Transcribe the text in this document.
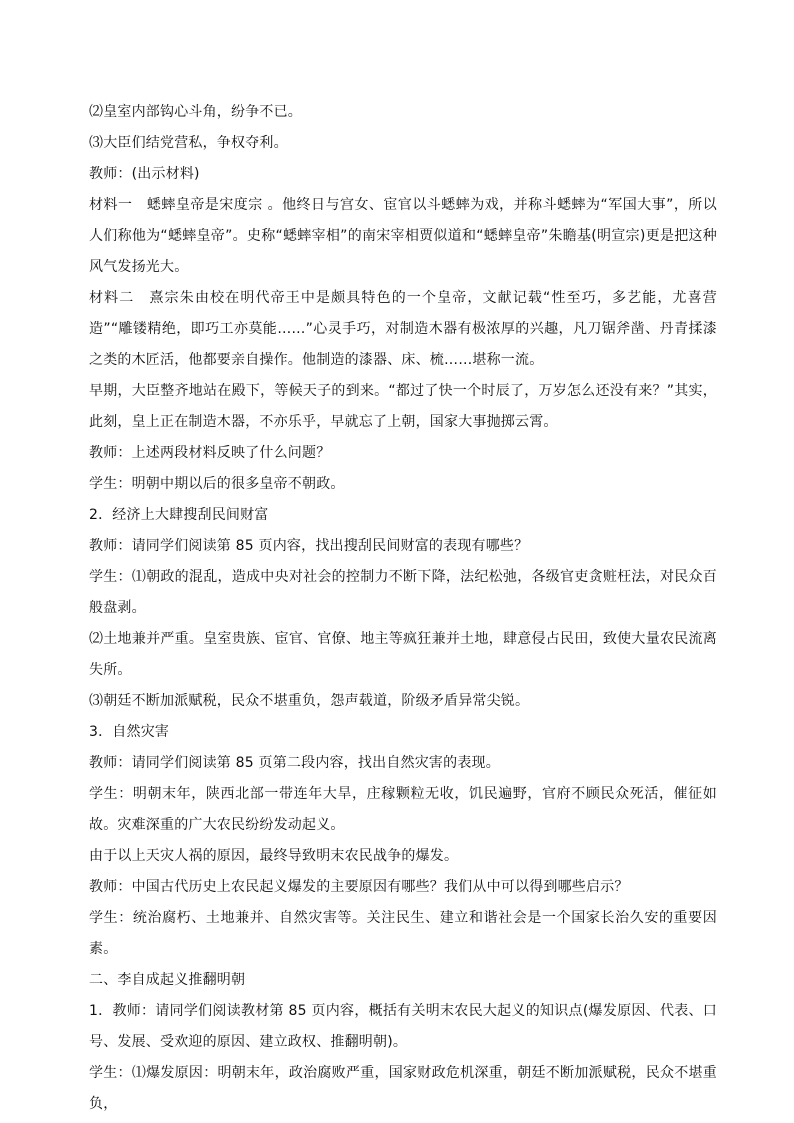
⑵皇室内部钩心斗角，纷争不已。

⑶大臣们结党营私，争权夺利。

教师：(出示材料)

材料一　蟋蟀皇帝是宋度宗 。他终日与宫女、宦官以斗蟋蟀为戏，并称斗蟋蟀为“军国大事”，所以人们称他为“蟋蟀皇帝”。史称“蟋蟀宰相”的南宋宰相贾似道和“蟋蟀皇帝”朱瞻基(明宣宗)更是把这种风气发扬光大。

材料二　熹宗朱由校在明代帝王中是颇具特色的一个皇帝，文献记载“性至巧，多艺能，尤喜营造”“雕镂精绝，即巧工亦莫能……”心灵手巧，对制造木器有极浓厚的兴趣，凡刀锯斧凿、丹青揉漆之类的木匠活，他都要亲自操作。他制造的漆器、床、梳……堪称一流。

早期，大臣整齐地站在殿下，等候天子的到来。“都过了快一个时辰了，万岁怎么还没有来？”其实，此刻，皇上正在制造木器，不亦乐乎，早就忘了上朝，国家大事抛掷云霄。

教师：上述两段材料反映了什么问题？

学生：明朝中期以后的很多皇帝不朝政。

2．经济上大肆搜刮民间财富

教师：请同学们阅读第 85 页内容，找出搜刮民间财富的表现有哪些？

学生：⑴朝政的混乱，造成中央对社会的控制力不断下降，法纪松弛，各级官吏贪赃枉法，对民众百般盘剥。

⑵土地兼并严重。皇室贵族、宦官、官僚、地主等疯狂兼并土地，肆意侵占民田，致使大量农民流离失所。

⑶朝廷不断加派赋税，民众不堪重负，怨声载道，阶级矛盾异常尖锐。

3．自然灾害

教师：请同学们阅读第 85 页第二段内容，找出自然灾害的表现。

学生：明朝末年，陕西北部一带连年大旱，庄稼颗粒无收，饥民遍野，官府不顾民众死活，催征如故。灾难深重的广大农民纷纷发动起义。

由于以上天灾人祸的原因，最终导致明末农民战争的爆发。

教师：中国古代历史上农民起义爆发的主要原因有哪些？我们从中可以得到哪些启示？

学生：统治腐朽、土地兼并、自然灾害等。关注民生、建立和谐社会是一个国家长治久安的重要因素。

二、李自成起义推翻明朝

1．教师：请同学们阅读教材第 85 页内容，概括有关明末农民大起义的知识点(爆发原因、代表、口号、发展、受欢迎的原因、建立政权、推翻明朝)。

学生：⑴爆发原因：明朝末年，政治腐败严重，国家财政危机深重，朝廷不断加派赋税，民众不堪重负，
